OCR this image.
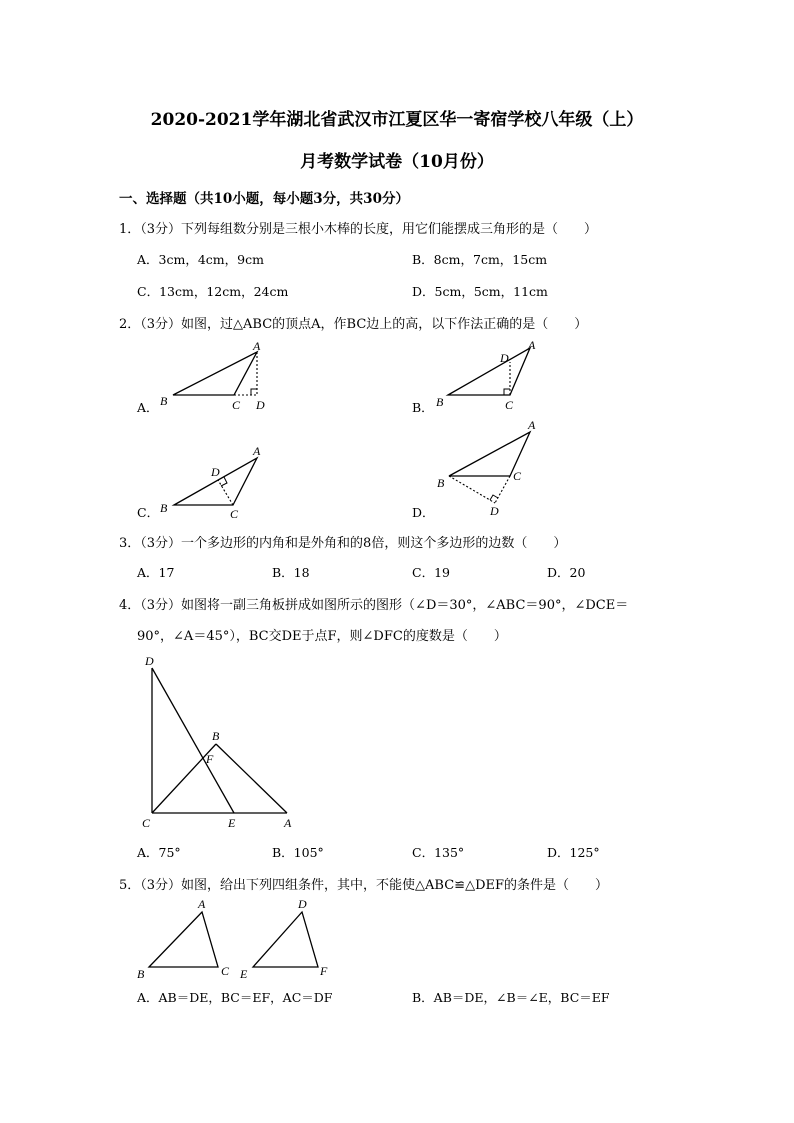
2020-2021学年湖北省武汉市江夏区华一寄宿学校八年级（上）
月考数学试卷（10月份）
一、选择题（共10小题，每小题3分，共30分）
1．（3分）下列每组数分别是三根小木棒的长度，用它们能摆成三角形的是（　　）
A．3cm，4cm，9cm	B．8cm，7cm，15cm
C．13cm，12cm，24cm	D．5cm，5cm，11cm
2．（3分）如图，过△ABC的顶点A，作BC边上的高，以下作法正确的是（　　）
A．
A
B	C D	B．
A
D
B	C
C．
A
D
B	C	D．
A
B	C
D
3．（3分）一个多边形的内角和是外角和的8倍，则这个多边形的边数（　　）
A．17	B．18	C．19	D．20
4．（3分）如图将一副三角板拼成如图所示的图形（∠D＝30°，∠ABC＝90°，∠DCE＝
90°，∠A＝45°），BC交DE于点F，则∠DFC的度数是（　　）
D
B
F
C	E	A
A．75°	B．105°	C．135°	D．125°
5．（3分）如图，给出下列四组条件，其中，不能使△ABC≌△DEF的条件是（　　）
A
B	C
D
E	F
A．AB＝DE，BC＝EF，AC＝DF	B．AB＝DE，∠B＝∠E，BC＝EF
